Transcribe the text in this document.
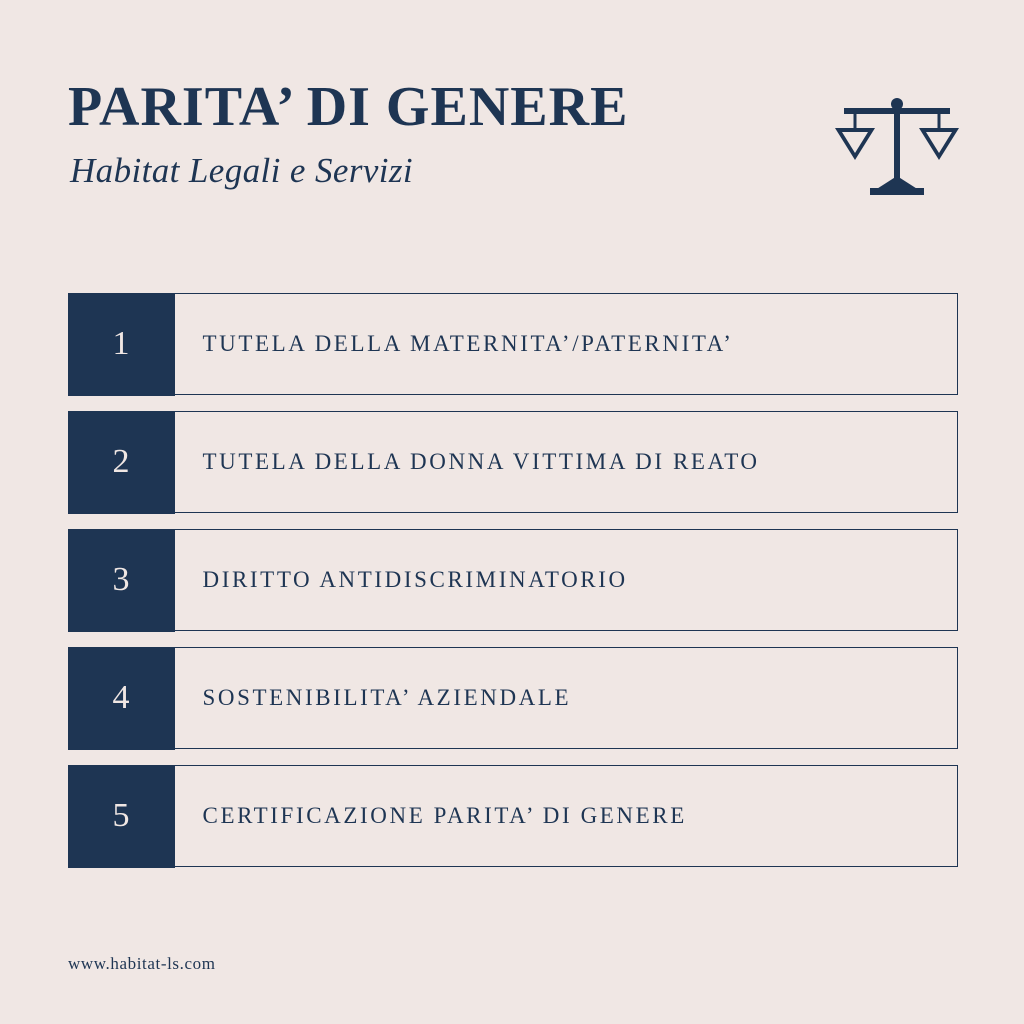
PARITA’ DI GENERE
Habitat Legali e Servizi
1	TUTELA DELLA MATERNITA’/PATERNITA’
2	TUTELA DELLA DONNA VITTIMA DI REATO
3	DIRITTO ANTIDISCRIMINATORIO
4	SOSTENIBILITA’ AZIENDALE
5	CERTIFICAZIONE PARITA’ DI GENERE
www.habitat-ls.com
